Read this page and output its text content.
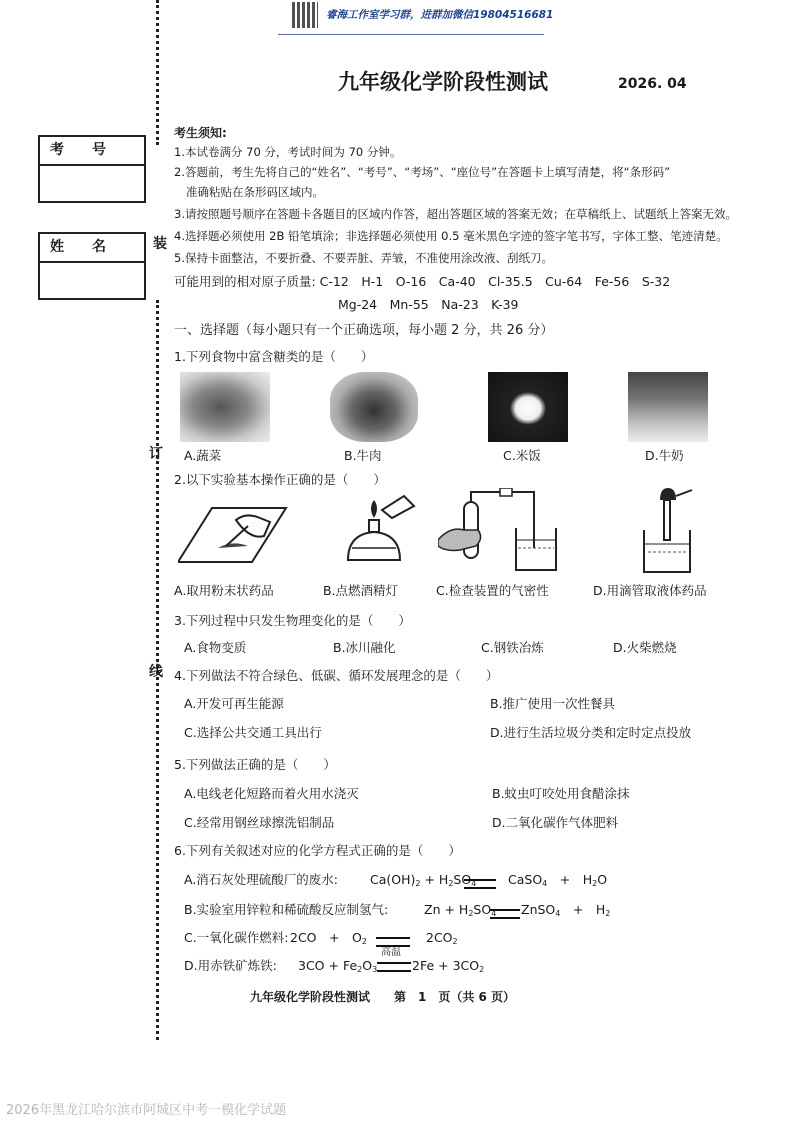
睿海工作室学习群，进群加微信19804516681
九年级化学阶段性测试	2026. 04
装
订
线
考　　号
姓　　名
考生须知:
1.本试卷满分 70 分，考试时间为 70 分钟。
2.答题前，考生先将自己的“姓名”、“考号”、“考场”、“座位号”在答题卡上填写清楚，将“条形码”
准确粘贴在条形码区域内。
3.请按照题号顺序在答题卡各题目的区域内作答，超出答题区域的答案无效；在草稿纸上、试题纸上答案无效。
4.选择题必须使用 2B 铅笔填涂；非选择题必须使用 0.5 毫米黑色字迹的签字笔书写，字体工整、笔迹清楚。
5.保持卡面整洁，不要折叠、不要弄脏、弄皱，不准使用涂改液、刮纸刀。
可能用到的相对原子质量: C-12　H-1　O-16　Ca-40　Cl-35.5　Cu-64　Fe-56　S-32
Mg-24　Mn-55　Na-23　K-39
一、选择题（每小题只有一个正确选项，每小题 2 分，共 26 分）
1.下列食物中富含糖类的是（　　）
A.蔬菜	B.牛肉	C.米饭	D.牛奶
2.以下实验基本操作正确的是（　　）
A.取用粉末状药品	B.点燃酒精灯	C.检查装置的气密性	D.用滴管取液体药品
3.下列过程中只发生物理变化的是（　　）
A.食物变质	B.冰川融化	C.钢铁冶炼	D.火柴燃烧
4.下列做法不符合绿色、低碳、循环发展理念的是（　　）
A.开发可再生能源	B.推广使用一次性餐具
C.选择公共交通工具出行	D.进行生活垃圾分类和定时定点投放
5.下列做法正确的是（　　）
A.电线老化短路而着火用水浇灭	B.蚊虫叮咬处用食醋涂抹
C.经常用钢丝球擦洗铝制品	D.二氧化碳作气体肥料
6.下列有关叙述对应的化学方程式正确的是（　　）
A.消石灰处理硫酸厂的废水:	$Ca(OH)_2 + H_2SO_4$	CaSO$_4$　+　$H_2O$
B.实验室用锌粒和稀硫酸反应制氢气:	$Zn + H_2SO_4$ ZnSO$_4$　+　$H_2$
C.一氧化碳作燃料: 2CO　+　$O_2$	$2CO_2$
D.用赤铁矿炼铁: $3CO + Fe_2O_3$
高温
$2Fe + 3CO_2$
九年级化学阶段性测试　　第　1　页（共 6 页）
2026年黑龙江哈尔滨市阿城区中考一模化学试题
